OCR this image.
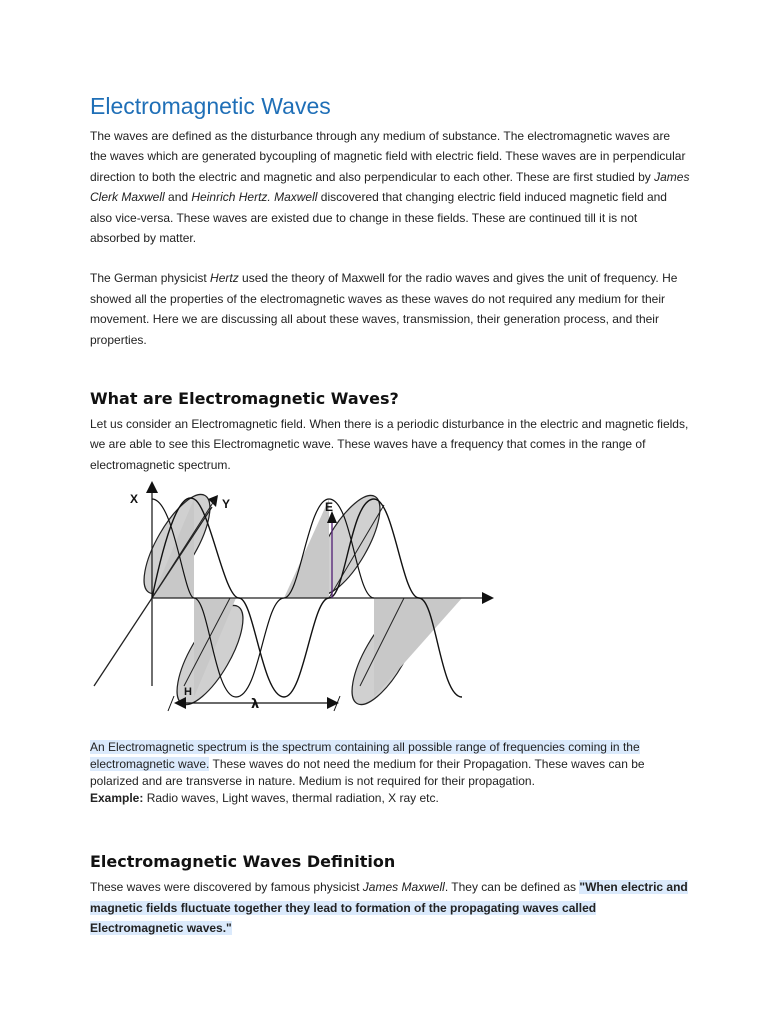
Electromagnetic Waves

The waves are defined as the disturbance through any medium of substance. The electromagnetic waves are the waves which are generated bycoupling of magnetic field with electric field. These waves are in perpendicular direction to both the electric and magnetic and also perpendicular to each other. These are first studied by James Clerk Maxwell and Heinrich Hertz. Maxwell discovered that changing electric field induced magnetic field and also vice-versa. These waves are existed due to change in these fields. These are continued till it is not absorbed by matter.

The German physicist Hertz used the theory of Maxwell for the radio waves and gives the unit of frequency. He showed all the properties of the electromagnetic waves as these waves do not required any medium for their movement. Here we are discussing all about these waves, transmission, their generation process, and their properties.

What are Electromagnetic Waves?

Let us consider an Electromagnetic field. When there is a periodic disturbance in the electric and magnetic fields, we are able to see this Electromagnetic wave. These waves have a frequency that comes in the range of electromagnetic spectrum.

X	Y	E
H
λ

An Electromagnetic spectrum is the spectrum containing all possible range of frequencies coming in the electromagnetic wave. These waves do not need the medium for their Propagation. These waves can be polarized and are transverse in nature. Medium is not required for their propagation.

Example: Radio waves, Light waves, thermal radiation, X ray etc.

Electromagnetic Waves Definition

These waves were discovered by famous physicist James Maxwell. They can be defined as "When electric and magnetic fields fluctuate together they lead to formation of the propagating waves called Electromagnetic waves."
